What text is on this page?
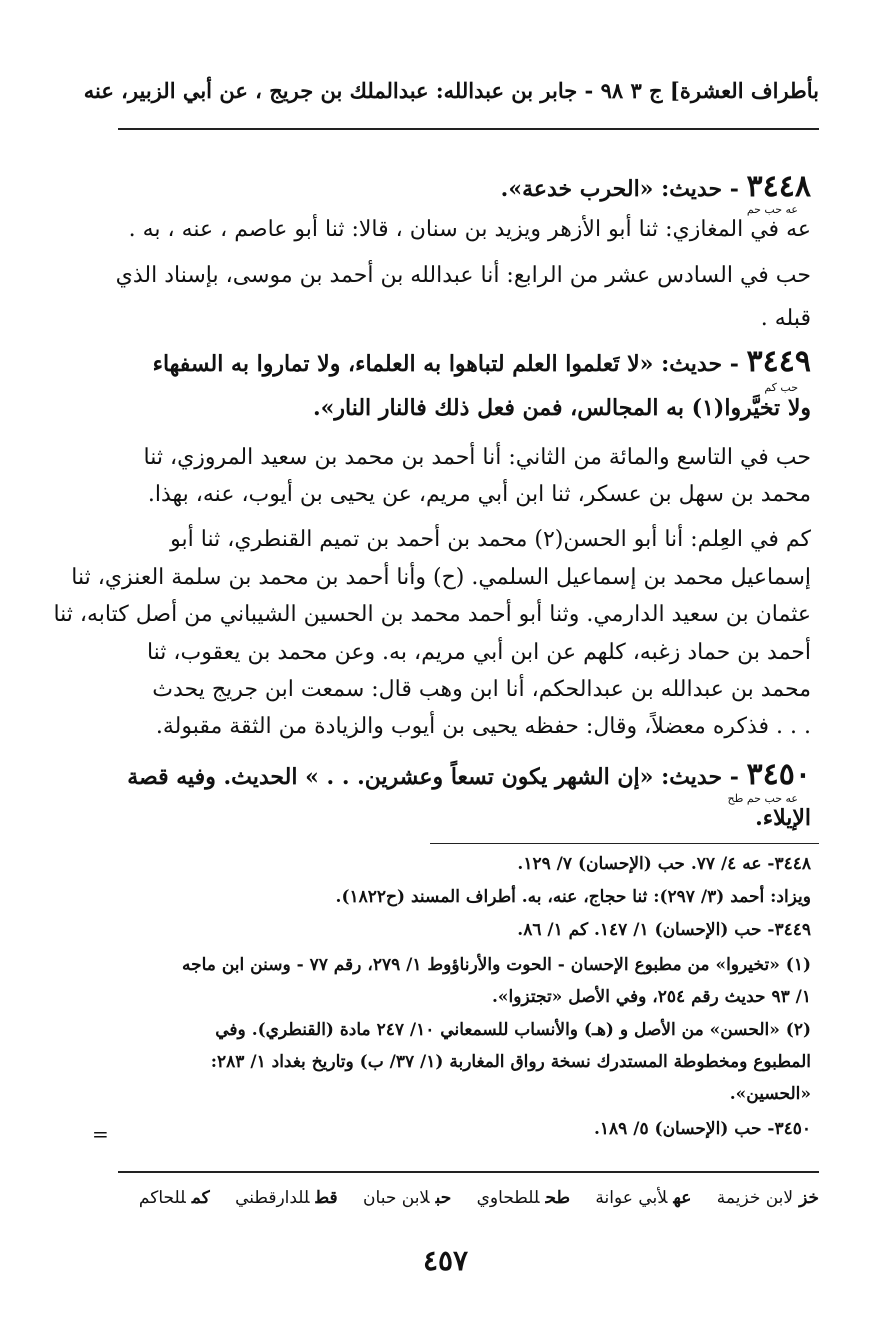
بأطراف العشرة] ج ٣ ٩٨ - جابر بن عبدالله: عبدالملك بن جريج ، عن أبي الزبير، عنه
٣٤٤٨ - حديث: «الحرب خدعة».
عه حب حم
عه في المغازي: ثنا أبو الأزهر ويزيد بن سنان ، قالا: ثنا أبو عاصم ، عنه ، به .
حب في السادس عشر من الرابع: أنا عبدالله بن أحمد بن موسى، بإسناد الذي
قبله .
٣٤٤٩ - حديث: «لا تَعلموا العلم لتباهوا به العلماء، ولا تماروا به السفهاء
حب كم
ولا تخيَّروا(١) به المجالس، فمن فعل ذلك فالنار النار».
حب في التاسع والمائة من الثاني: أنا أحمد بن محمد بن سعيد المروزي، ثنا
محمد بن سهل بن عسكر، ثنا ابن أبي مريم، عن يحيى بن أيوب، عنه، بهذا.
كم في العِلم: أنا أبو الحسن(٢) محمد بن أحمد بن تميم القنطري، ثنا أبو
إسماعيل محمد بن إسماعيل السلمي. (ح) وأنا أحمد بن محمد بن سلمة العنزي، ثنا
عثمان بن سعيد الدارمي. وثنا أبو أحمد محمد بن الحسين الشيباني من أصل كتابه، ثنا
أحمد بن حماد زغبه، كلهم عن ابن أبي مريم، به. وعن محمد بن يعقوب، ثنا
محمد بن عبدالله بن عبدالحكم، أنا ابن وهب قال: سمعت ابن جريج يحدث
. . . فذكره معضلاً، وقال: حفظه يحيى بن أيوب والزيادة من الثقة مقبولة.
٣٤٥٠ - حديث: «إن الشهر يكون تسعاً وعشرين. . . » الحديث. وفيه قصة
عه حب حم طح
الإيلاء.
٣٤٤٨- عه ٤/ ٧٧. حب (الإحسان) ٧/ ١٢٩.
ويزاد: أحمد (٣/ ٢٩٧): ثنا حجاج، عنه، به. أطراف المسند (ح١٨٢٢).
٣٤٤٩- حب (الإحسان) ١/ ١٤٧. كم ١/ ٨٦.
(١) «تخيروا» من مطبوع الإحسان - الحوت والأرناؤوط ١/ ٢٧٩، رقم ٧٧ - وسنن ابن ماجه
١/ ٩٣ حديث رقم ٢٥٤، وفي الأصل «تجتزوا».
(٢) «الحسن» من الأصل و (هـ) والأنساب للسمعاني ١٠/ ٢٤٧ مادة (القنطري). وفي
المطبوع ومخطوطة المستدرك نسخة رواق المغاربة (١/ ٣٧/ ب) وتاريخ بغداد ١/ ٢٨٣:
«الحسين».
٣٤٥٠- حب (الإحسان) ٥/ ١٨٩.
=
خزلابن خزيمة عهلأبي عوانة طحللطحاوي حبلابن حبان قطللدارقطني كمللحاكم
٤٥٧
